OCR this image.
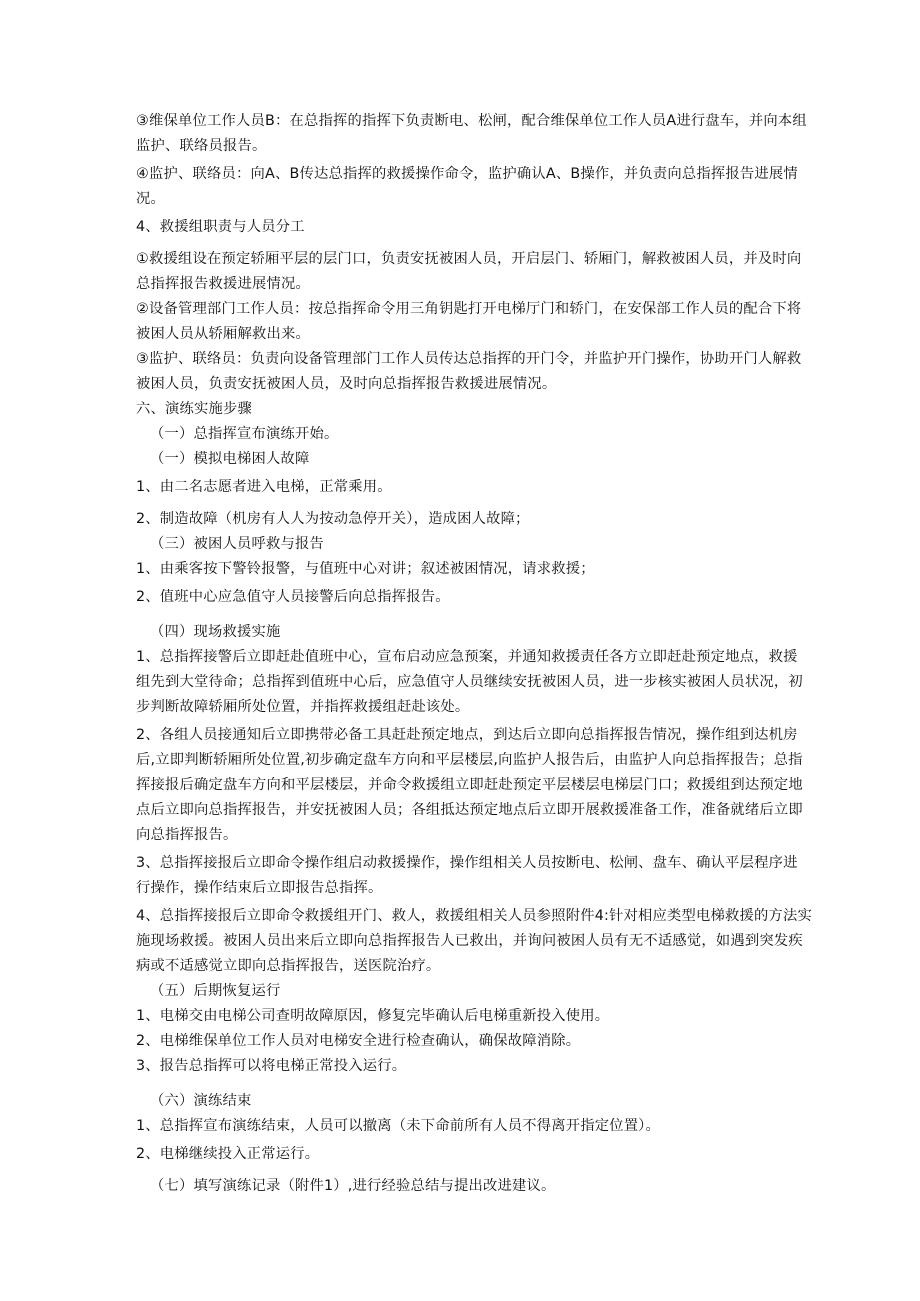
③维保单位工作人员B：在总指挥的指挥下负责断电、松闸，配合维保单位工作人员A进行盘车，并向本组监护、联络员报告。

④监护、联络员：向A、B传达总指挥的救援操作命令，监护确认A、B操作，并负责向总指挥报告进展情况。

4、救援组职责与人员分工

①救援组设在预定轿厢平层的层门口，负责安抚被困人员，开启层门、轿厢门，解救被困人员，并及时向总指挥报告救援进展情况。

②设备管理部门工作人员：按总指挥命令用三角钥匙打开电梯厅门和轿门，在安保部工作人员的配合下将被困人员从轿厢解救出来。

③监护、联络员：负责向设备管理部门工作人员传达总指挥的开门令，并监护开门操作，协助开门人解救被困人员，负责安抚被困人员，及时向总指挥报告救援进展情况。

六、演练实施步骤

（一）总指挥宣布演练开始。

（一）模拟电梯困人故障

1、由二名志愿者进入电梯，正常乘用。

2、制造故障（机房有人人为按动急停开关），造成困人故障；

（三）被困人员呼救与报告

1、由乘客按下警铃报警，与值班中心对讲；叙述被困情况，请求救援；

2、值班中心应急值守人员接警后向总指挥报告。

（四）现场救援实施

1、总指挥接警后立即赶赴值班中心，宣布启动应急预案，并通知救援责任各方立即赶赴预定地点，救援组先到大堂待命；总指挥到值班中心后，应急值守人员继续安抚被困人员，进一步核实被困人员状况，初步判断故障轿厢所处位置，并指挥救援组赶赴该处。

2、各组人员接通知后立即携带必备工具赶赴预定地点，到达后立即向总指挥报告情况，操作组到达机房后,立即判断轿厢所处位置,初步确定盘车方向和平层楼层,向监护人报告后，由监护人向总指挥报告；总指挥接报后确定盘车方向和平层楼层，并命令救援组立即赶赴预定平层楼层电梯层门口；救援组到达预定地点后立即向总指挥报告，并安抚被困人员；各组抵达预定地点后立即开展救援准备工作，准备就绪后立即向总指挥报告。

3、总指挥接报后立即命令操作组启动救援操作，操作组相关人员按断电、松闸、盘车、确认平层程序进行操作，操作结束后立即报告总指挥。

4、总指挥接报后立即命令救援组开门、救人，救援组相关人员参照附件4:针对相应类型电梯救援的方法实施现场救援。被困人员出来后立即向总指挥报告人已救出，并询问被困人员有无不适感觉，如遇到突发疾病或不适感觉立即向总指挥报告，送医院治疗。

（五）后期恢复运行

1、电梯交由电梯公司查明故障原因，修复完毕确认后电梯重新投入使用。

2、电梯维保单位工作人员对电梯安全进行检查确认，确保故障消除。

3、报告总指挥可以将电梯正常投入运行。

（六）演练结束

1、总指挥宣布演练结束，人员可以撤离（未下命前所有人员不得离开指定位置）。

2、电梯继续投入正常运行。

（七）填写演练记录（附件1）,进行经验总结与提出改进建议。
